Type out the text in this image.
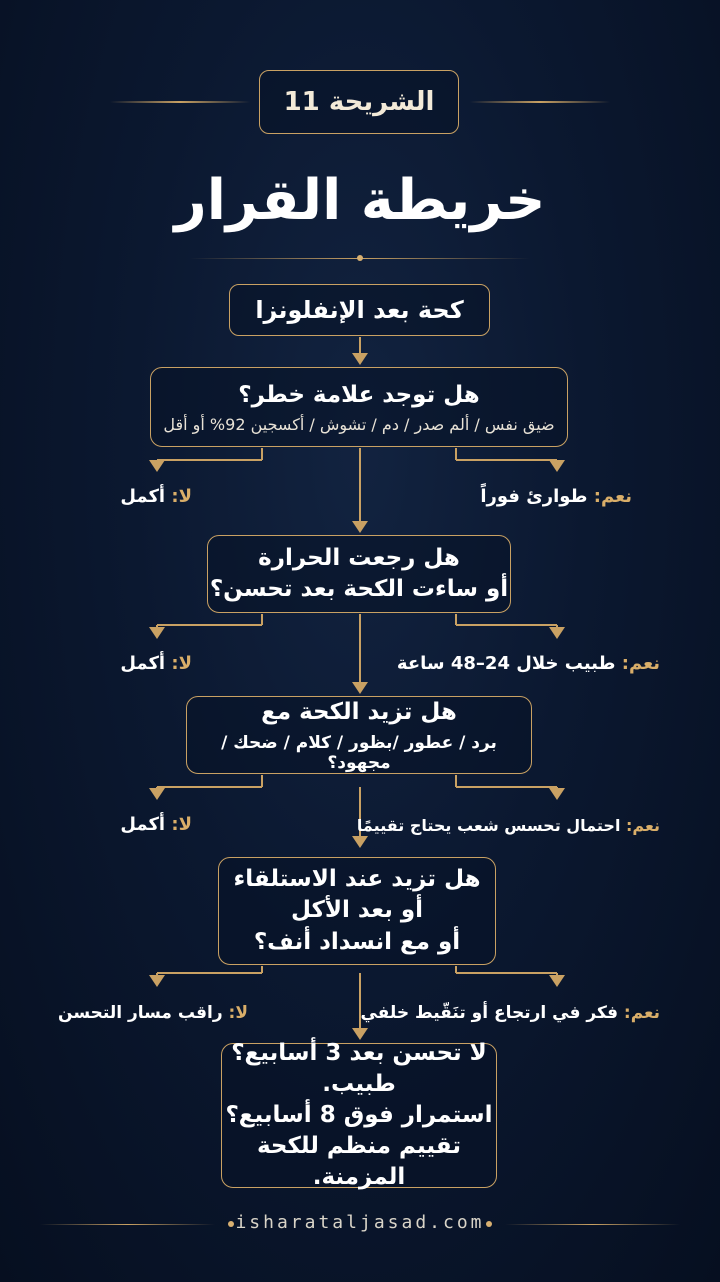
الشريحة 11
خريطة القرار
كحة بعد الإنفلونزا
هل توجد علامة خطر؟
ضيق نفس / ألم صدر / دم / تشوش / أكسجين 92% أو أقل
نعم: طوارئ فوراً
لا: أكمل
هل رجعت الحرارة
أو ساءت الكحة بعد تحسن؟
نعم: طبيب خلال 24–48 ساعة
لا: أكمل
هل تزيد الكحة مع
برد / عطور /بظور / كلام / ضحك / مجهود؟
نعم: احتمال تحسس شعب يحتاج تقييمًا
لا: أكمل
هل تزيد عند الاستلقاء
أو بعد الأكل
أو مع انسداد أنف؟
نعم: فكر في ارتجاع أو تنَقّيط خلفي
لا: راقب مسار التحسن
لا تحسن بعد 3 أسابيع؟
طبيب.
استمرار فوق 8 أسابيع؟
تقييم منظم للكحة المزمنة.
isharataljasad.com
